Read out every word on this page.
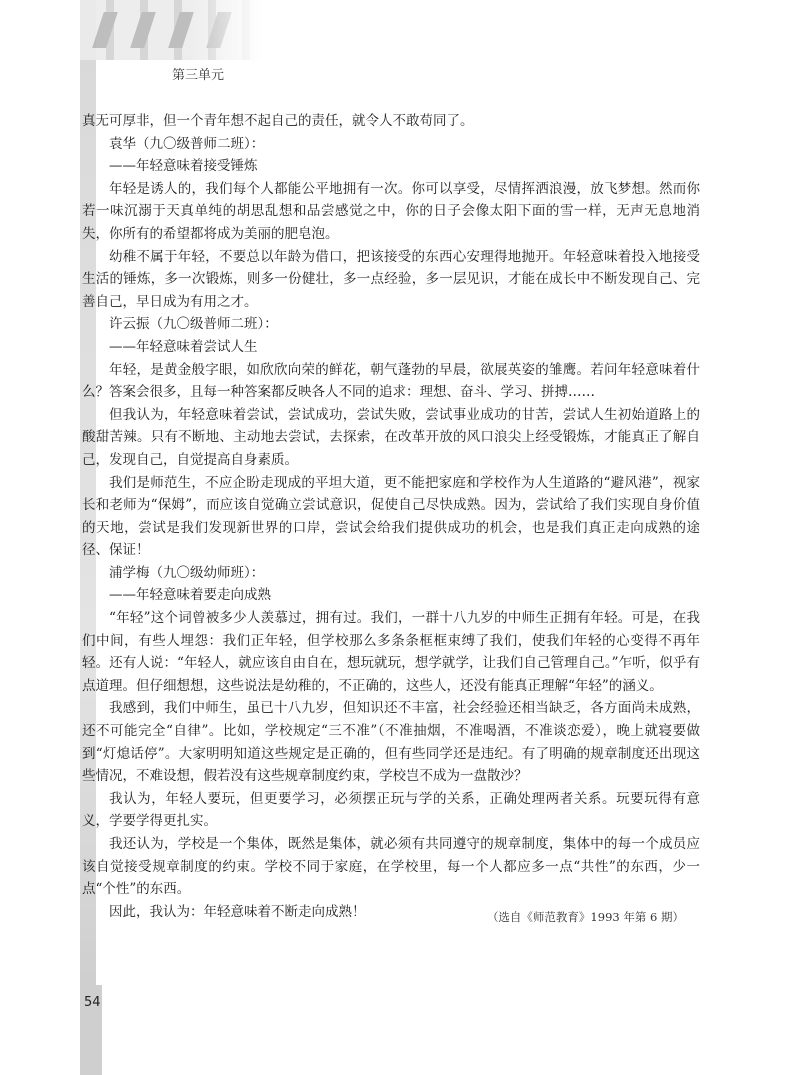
第三单元

真无可厚非，但一个青年想不起自己的责任，就令人不敢苟同了。

袁华（九〇级普师二班）：

——年轻意味着接受锤炼

年轻是诱人的，我们每个人都能公平地拥有一次。你可以享受，尽情挥洒浪漫，放飞梦想。然而你若一味沉溺于天真单纯的胡思乱想和品尝感觉之中，你的日子会像太阳下面的雪一样，无声无息地消失，你所有的希望都将成为美丽的肥皂泡。

幼稚不属于年轻，不要总以年龄为借口，把该接受的东西心安理得地抛开。年轻意味着投入地接受生活的锤炼，多一次锻炼，则多一份健壮，多一点经验，多一层见识，才能在成长中不断发现自己、完善自己，早日成为有用之才。

许云振（九〇级普师二班）：

——年轻意味着尝试人生

年轻，是黄金般字眼，如欣欣向荣的鲜花，朝气蓬勃的早晨，欲展英姿的雏鹰。若问年轻意味着什么？答案会很多，且每一种答案都反映各人不同的追求：理想、奋斗、学习、拼搏……

但我认为，年轻意味着尝试，尝试成功，尝试失败，尝试事业成功的甘苦，尝试人生初始道路上的酸甜苦辣。只有不断地、主动地去尝试，去探索，在改革开放的风口浪尖上经受锻炼，才能真正了解自己，发现自己，自觉提高自身素质。

我们是师范生，不应企盼走现成的平坦大道，更不能把家庭和学校作为人生道路的“避风港”，视家长和老师为“保姆”，而应该自觉确立尝试意识，促使自己尽快成熟。因为，尝试给了我们实现自身价值的天地，尝试是我们发现新世界的口岸，尝试会给我们提供成功的机会，也是我们真正走向成熟的途径、保证！

浦学梅（九〇级幼师班）：

——年轻意味着要走向成熟

“年轻”这个词曾被多少人羡慕过，拥有过。我们，一群十八九岁的中师生正拥有年轻。可是，在我们中间，有些人埋怨：我们正年轻，但学校那么多条条框框束缚了我们，使我们年轻的心变得不再年轻。还有人说：“年轻人，就应该自由自在，想玩就玩，想学就学，让我们自己管理自己。”乍听，似乎有点道理。但仔细想想，这些说法是幼稚的，不正确的，这些人，还没有能真正理解“年轻”的涵义。

我感到，我们中师生，虽已十八九岁，但知识还不丰富，社会经验还相当缺乏，各方面尚未成熟，还不可能完全“自律”。比如，学校规定“三不准”（不准抽烟，不准喝酒，不准谈恋爱），晚上就寝要做到“灯熄话停”。大家明明知道这些规定是正确的，但有些同学还是违纪。有了明确的规章制度还出现这些情况，不难设想，假若没有这些规章制度约束，学校岂不成为一盘散沙？

我认为，年轻人要玩，但更要学习，必须摆正玩与学的关系，正确处理两者关系。玩要玩得有意义，学要学得更扎实。

我还认为，学校是一个集体，既然是集体，就必须有共同遵守的规章制度，集体中的每一个成员应该自觉接受规章制度的约束。学校不同于家庭，在学校里，每一个人都应多一点“共性”的东西，少一点“个性”的东西。

因此，我认为：年轻意味着不断走向成熟！	（选自《师范教育》1993 年第 6 期）
54
